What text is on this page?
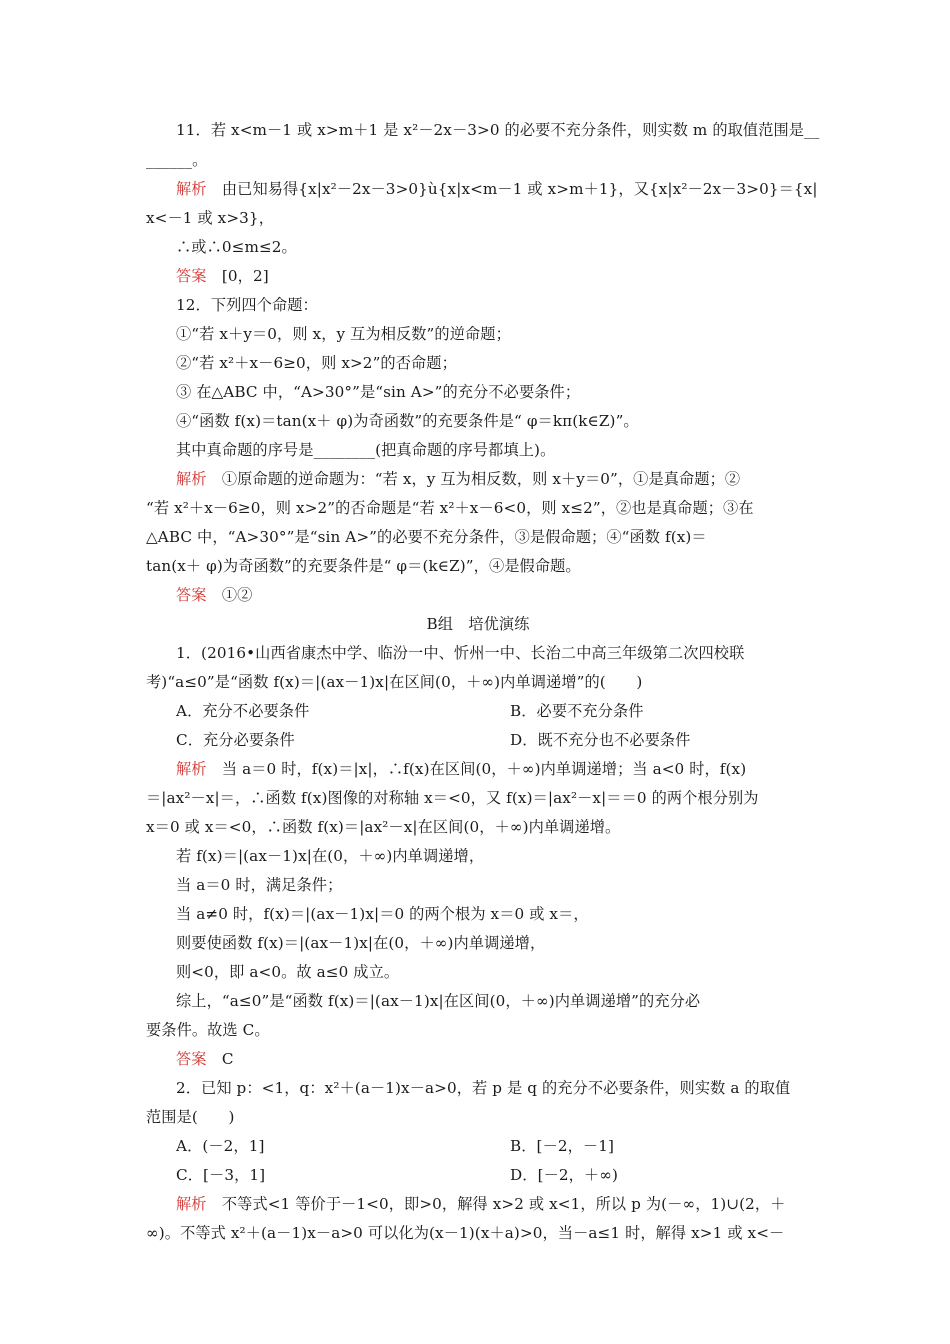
11．若 x<m－1 或 x>m＋1 是 x²－2x－3>0 的必要不充分条件，则实数 m 的取值范围是__
______。
解析　由已知易得{x|x²－2x－3>0}ù{x|x<m－1 或 x>m＋1}，又{x|x²－2x－3>0}＝{x|
x<－1 或 x>3}，
∴或∴0≤m≤2。
答案　[0，2]
12．下列四个命题：
①“若 x＋y＝0，则 x，y 互为相反数”的逆命题；
②“若 x²＋x－6≥0，则 x>2”的否命题；
③ 在△ABC 中，“A>30°”是“sin A>”的充分不必要条件；
④“函数 f(x)＝tan(x＋ φ)为奇函数”的充要条件是“ φ＝kπ(k∈Z)”。
其中真命题的序号是________(把真命题的序号都填上)。
解析　①原命题的逆命题为：“若 x，y 互为相反数，则 x＋y＝0”，①是真命题；②
“若 x²＋x－6≥0，则 x>2”的否命题是“若 x²＋x－6<0，则 x≤2”，②也是真命题；③在
△ABC 中，“A>30°”是“sin A>”的必要不充分条件，③是假命题；④“函数 f(x)＝
tan(x＋ φ)为奇函数”的充要条件是“ φ＝(k∈Z)”，④是假命题。
答案　①②
B组　培优演练
1．(2016•山西省康杰中学、临汾一中、忻州一中、长治二中高三年级第二次四校联
考)“a≤0”是“函数 f(x)＝|(ax－1)x|在区间(0，＋∞)内单调递增”的(　　)
A．充分不必要条件	B．必要不充分条件
C．充分必要条件	D．既不充分也不必要条件
解析　当 a＝0 时，f(x)＝|x|，∴f(x)在区间(0，＋∞)内单调递增；当 a<0 时，f(x)
＝|ax²－x|＝，∴函数 f(x)图像的对称轴 x＝<0，又 f(x)＝|ax²－x|＝＝0 的两个根分别为
x＝0 或 x＝<0，∴函数 f(x)＝|ax²－x|在区间(0，＋∞)内单调递增。
若 f(x)＝|(ax－1)x|在(0，＋∞)内单调递增，
当 a＝0 时，满足条件；
当 a≠0 时，f(x)＝|(ax－1)x|＝0 的两个根为 x＝0 或 x＝，
则要使函数 f(x)＝|(ax－1)x|在(0，＋∞)内单调递增，
则<0，即 a<0。故 a≤0 成立。
综上，“a≤0”是“函数 f(x)＝|(ax－1)x|在区间(0，＋∞)内单调递增”的充分必
要条件。故选 C。
答案　C
2．已知 p：<1，q：x²＋(a－1)x－a>0，若 p 是 q 的充分不必要条件，则实数 a 的取值
范围是(　　)
A．(－2，1]	B．[－2，－1]
C．[－3，1]	D．[－2，＋∞)
解析　不等式<1 等价于－1<0，即>0，解得 x>2 或 x<1，所以 p 为(－∞，1)∪(2，＋
∞)。不等式 x²＋(a－1)x－a>0 可以化为(x－1)(x＋a)>0，当－a≤1 时，解得 x>1 或 x<－
